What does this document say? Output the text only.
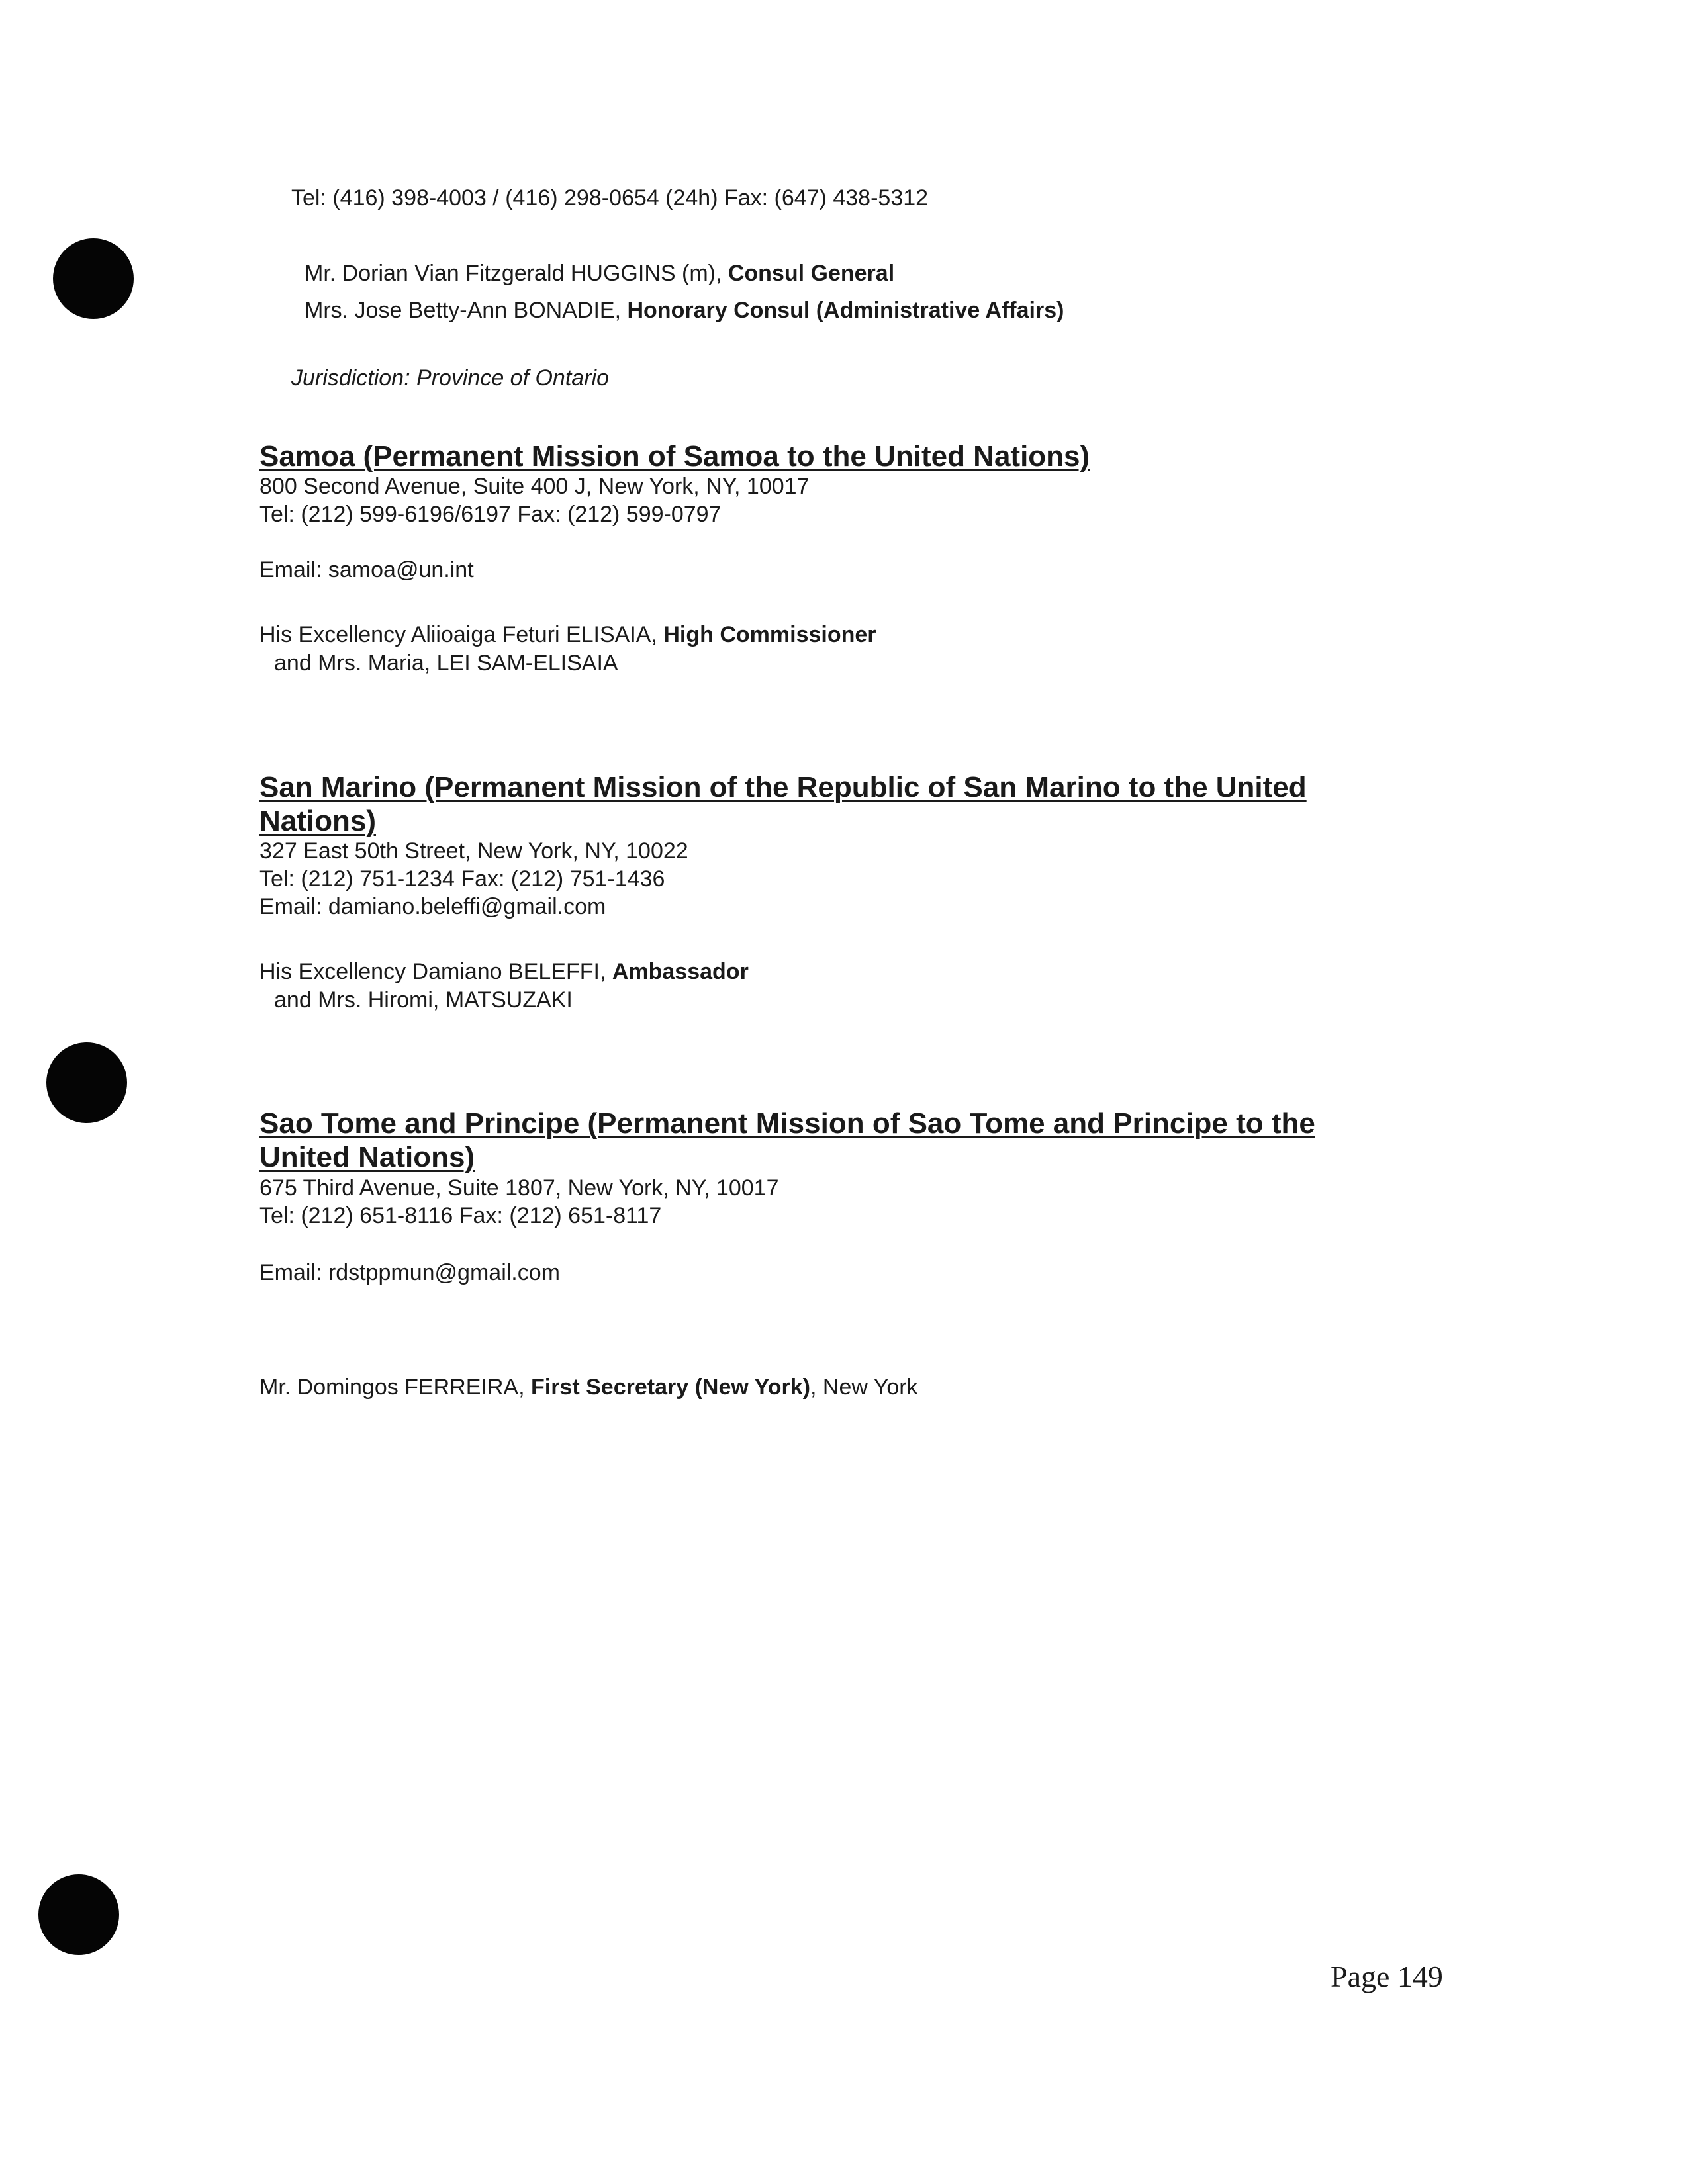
Tel: (416) 398-4003 / (416) 298-0654 (24h) Fax: (647) 438-5312
Mr. Dorian Vian Fitzgerald HUGGINS (m), Consul General
Mrs. Jose Betty-Ann BONADIE, Honorary Consul (Administrative Affairs)
Jurisdiction: Province of Ontario
Samoa (Permanent Mission of Samoa to the United Nations)
800 Second Avenue, Suite 400 J, New York, NY, 10017
Tel: (212) 599-6196/6197 Fax: (212) 599-0797
Email: samoa@un.int
His Excellency Aliioaiga Feturi ELISAIA, High Commissioner
and Mrs. Maria, LEI SAM-ELISAIA
San Marino (Permanent Mission of the Republic of San Marino to the United Nations)
327 East 50th Street, New York, NY, 10022
Tel: (212) 751-1234 Fax: (212) 751-1436
Email: damiano.beleffi@gmail.com
His Excellency Damiano BELEFFI, Ambassador
and Mrs. Hiromi, MATSUZAKI
Sao Tome and Principe (Permanent Mission of Sao Tome and Principe to the United Nations)
675 Third Avenue, Suite 1807, New York, NY, 10017
Tel: (212) 651-8116 Fax: (212) 651-8117
Email: rdstppmun@gmail.com
Mr. Domingos FERREIRA, First Secretary (New York), New York
Page 149
